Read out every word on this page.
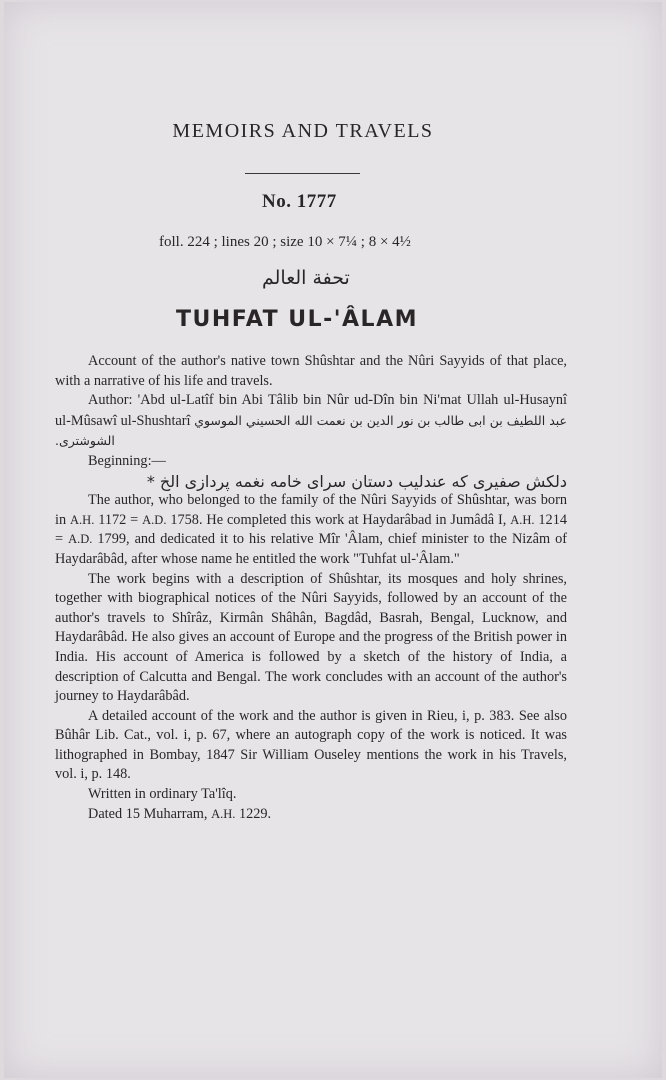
MEMOIRS AND TRAVELS
No. 1777
foll. 224 ; lines 20 ; size 10 × 7¼ ; 8 × 4½
تحفة العالم
TUHFAT UL-'ÂLAM

Account of the author's native town Shûshtar and the Nûri Sayyids of that place, with a narrative of his life and travels.

Author: 'Abd ul-Latîf bin Abi Tâlib bin Nûr ud-Dîn bin Ni'mat Ullah ul-Husaynî ul-Mûsawî ul-Shushtarî	عبد اللطيف بن ابى طالب بن نور الدين بن نعمت الله الحسيني الموسوي الشوشترى.

Beginning:—

دلكش صفيرى كه عندليب دستان سراى خامه نغمه پردازى الخ *

The author, who belonged to the family of the Nûri Sayyids of Shûshtar, was born in A.H. 1172 = A.D. 1758. He completed this work at Haydarâbad in Jumâdâ I, A.H. 1214 = A.D. 1799, and dedicated it to his relative Mîr 'Âlam, chief minister to the Nizâm of Haydarâbâd, after whose name he entitled the work "Tuhfat ul-'Âlam."

The work begins with a description of Shûshtar, its mosques and holy shrines, together with biographical notices of the Nûri Sayyids, followed by an account of the author's travels to Shîrâz, Kirmân Shâhân, Bagdâd, Basrah, Bengal, Lucknow, and Haydarâbâd. He also gives an account of Europe and the progress of the British power in India. His account of America is followed by a sketch of the history of India, a description of Calcutta and Bengal. The work concludes with an account of the author's journey to Haydarâbâd.

A detailed account of the work and the author is given in Rieu, i, p. 383. See also Bûhâr Lib. Cat., vol. i, p. 67, where an autograph copy of the work is noticed. It was lithographed in Bombay, 1847 Sir William Ouseley mentions the work in his Travels, vol. i, p. 148.

Written in ordinary Ta'lîq.

Dated 15 Muharram, A.H. 1229.
